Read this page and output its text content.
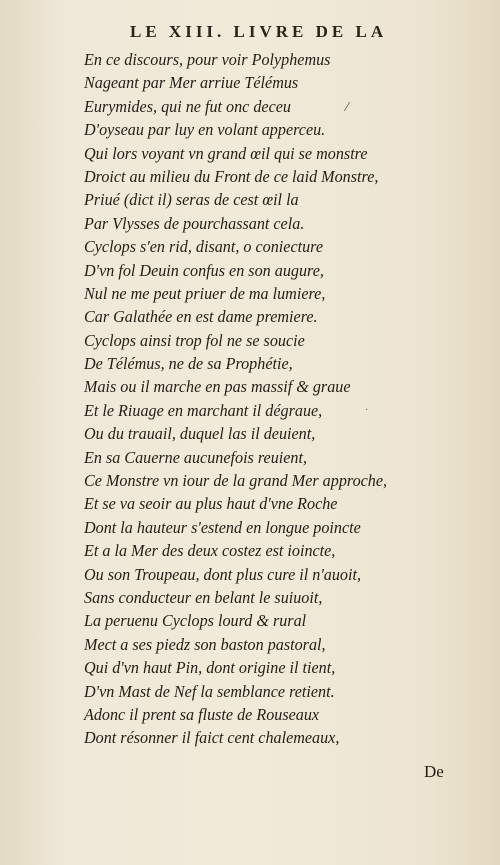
LE XIII. LIVRE DE LA
⁄
·
En ce discours, pour voir Polyphemus
Nageant par Mer arriue Télémus
Eurymides, qui ne fut onc deceu
D'oyseau par luy en volant apperceu.
Qui lors voyant vn grand œil qui se monstre
Droict au milieu du Front de ce laid Monstre,
Priué (dict il) seras de cest œil la
Par Vlysses de pourchassant cela.
Cyclops s'en rid, disant, o coniecture
D'vn fol Deuin confus en son augure,
Nul ne me peut priuer de ma lumiere,
Car Galathée en est dame premiere.
Cyclops ainsi trop fol ne se soucie
De Télémus, ne de sa Prophétie,
Mais ou il marche en pas massif & graue
Et le Riuage en marchant il dégraue,
Ou du trauail, duquel las il deuient,
En sa Cauerne aucunefois reuient,
Ce Monstre vn iour de la grand Mer approche,
Et se va seoir au plus haut d'vne Roche
Dont la hauteur s'estend en longue poincte
Et a la Mer des deux costez est ioincte,
Ou son Troupeau, dont plus cure il n'auoit,
Sans conducteur en belant le suiuoit,
La peruenu Cyclops lourd & rural
Mect a ses piedz son baston pastoral,
Qui d'vn haut Pin, dont origine il tient,
D'vn Mast de Nef la semblance retient.
Adonc il prent sa fluste de Rouseaux
Dont résonner il faict cent chalemeaux,
De
